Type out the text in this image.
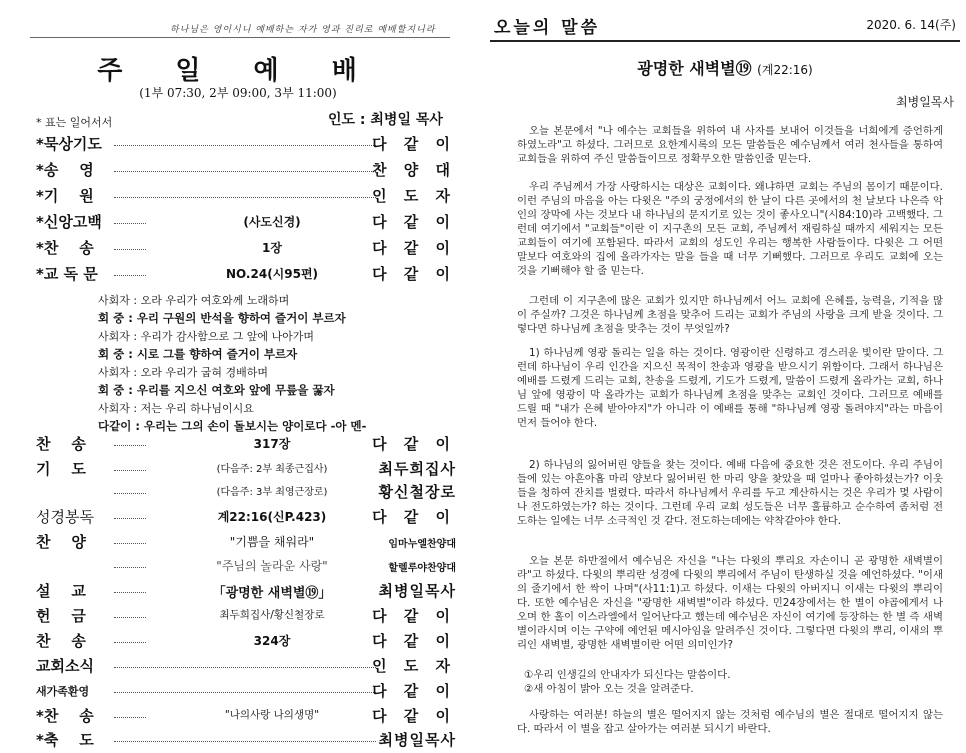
하나님은 영이시니 예배하는 자가 영과 진리로 예배할지니라
주 일 예 배
(1부 07:30, 2부 09:00, 3부 11:00)
* 표는 일어서서	인도 : 최병일 목사
*묵상기도	다 같 이
*송    영	찬 양 대
*기    원	인 도 자
*신앙고백	(사도신경)	다 같 이
*찬    송	1장	다 같 이
*교 독 문	NO.24(시95편)	다 같 이
사회자 : 오라 우리가 여호와께 노래하며
회 중 : 우리 구원의 반석을 향하여 즐거이 부르자
사회자 : 우리가 감사함으로 그 앞에 나아가며
회 중 : 시로 그를 향하여 즐거이 부르자
사회자 : 오라 우리가 굽혀 경배하며
회 중 : 우리를 지으신 여호와 앞에 무릎을 꿇자
사회자 : 저는 우리 하나님이시요
다같이 : 우리는 그의 손이 돌보시는 양이로다 -아 멘-
찬    송	317장	다 같 이
기    도	(다음주: 2부 최종근집사)	최두희집사
(다음주: 3부 최영근장로)	황신철장로
성경봉독	계22:16(신P.423)	다 같 이
찬    양	"기쁨을 채워라"	임마누엘찬양대
"주님의 놀라운 사랑"	할렐루야찬양대
설    교	「광명한 새벽별⑲」	최병일목사
헌    금	최두희집사/황신철장로	다 같 이
찬    송	324장	다 같 이
교회소식	인 도 자
새가족환영	다 같 이
*찬    송	"나의사랑 나의생명"	다 같 이
*축    도	최병일목사
오늘의 말씀	2020. 6. 14(주)
광명한 새벽별⑲ (계22:16)
최병일목사
오늘 본문에서 "나 예수는 교회들을 위하여 내 사자를 보내어 이것들을 너희에게 증언하게 하였노라"고 하셨다. 그러므로 요한계시록의 모든 말씀들은 예수님께서 여러 천사들을 통하여 교회들을 위하여 주신 말씀들이므로 정확무오한 말씀인줄 믿는다.
우리 주님께서 가장 사랑하시는 대상은 교회이다. 왜냐하면 교회는 주님의 몸이기 때문이다. 이런 주님의 마음을 아는 다윗은 "주의 궁정에서의 한 날이 다른 곳에서의 천 날보다 나은즉 악인의 장막에 사는 것보다 내 하나님의 문지기로 있는 것이 좋사오니"(시84:10)라 고백했다. 그런데 여기에서 "교회들"이란 이 지구촌의 모든 교회, 주님께서 재림하실 때까지 세워지는 모든 교회들이 여기에 포함된다. 따라서 교회의 성도인 우리는 행복한 사람들이다. 다윗은 그 어떤 말보다 여호와의 집에 올라가자는 말을 들을 때 너무 기뻐했다. 그러므로 우리도 교회에 오는 것을 기뻐해야 할 줄 믿는다.
그런데 이 지구촌에 많은 교회가 있지만 하나님께서 어느 교회에 은혜를, 능력을, 기적을 많이 주실까? 그것은 하나님께 초점을 맞추어 드리는 교회가 주님의 사랑을 크게 받을 것이다. 그렇다면 하나님께 초점을 맞추는 것이 무엇일까?
1) 하나님께 영광 돌리는 일을 하는 것이다. 영광이란 신령하고 경스러운 빛이란 말이다. 그런데 하나님이 우리 인간을 지으신 목적이 찬송과 영광을 받으시기 위함이다. 그래서 하나님은 예배를 드렸게 드리는 교회, 찬송을 드렸게, 기도가 드렸게, 말씀이 드렸게 올라가는 교회, 하나님 앞에 영광이 막 올라가는 교회가 하나님께 초점을 맞추는 교회인 것이다. 그러므로 예배를 드릴 때 "내가 은혜 받아야지"가 아니라 이 예배를 통해 "하나님께 영광 돌려야지"라는 마음이 먼저 들어야 한다.
2) 하나님의 잃어버린 양들을 찾는 것이다. 예배 다음에 중요한 것은 전도이다. 우리 주님이 들에 있는 아흔아홉 마리 양보다 잃어버린 한 마리 양을 찾았을 때 얼마나 좋아하셨는가? 이웃들을 청하여 잔치를 벌렸다. 따라서 하나님께서 우리를 두고 계산하시는 것은 우리가 몇 사람이나 전도하였는가? 하는 것이다. 그런데 우리 교회 성도들은 너무 훌륭하고 순수하여 좀처럼 전도하는 일에는 너무 소극적인 것 같다. 전도하는데에는 약착같아야 한다.
오늘 본문 하반절에서 예수님은 자신을 "나는 다윗의 뿌리요 자손이니 곧 광명한 새벽별이라"고 하셨다. 다윗의 뿌리란 성경에 다윗의 뿌리에서 주님이 탄생하실 것을 예언하셨다. "이새의 줄기에서 한 싹이 나며"(사11:1)고 하셨다. 이새는 다윗의 아버지니 이새는 다윗의 뿌리이다. 또한 예수님은 자신을 "광명한 새벽별"이라 하셨다. 민24장에서는 한 별이 야곱에게서 나오며 한 홀이 이스라엘에서 일어난다고 했는데 예수님은 자신이 여기에 등장하는 한 별 즉 새벽별이라시며 이는 구약에 예언된 메시아임을 알려주신 것이다. 그렇다면 다윗의 뿌리, 이새의 뿌리인 새벽별, 광명한 새벽별이란 어떤 의미인가?
①우리 인생길의 안내자가 되신다는 말씀이다.
②새 아침이 밝아 오는 것을 알려준다.
사랑하는 여러분! 하늘의 별은 떨어지지 않는 것처럼 예수님의 별은 절대로 떨어지지 않는다. 따라서 이 별을 잡고 살아가는 여러분 되시기 바란다.
